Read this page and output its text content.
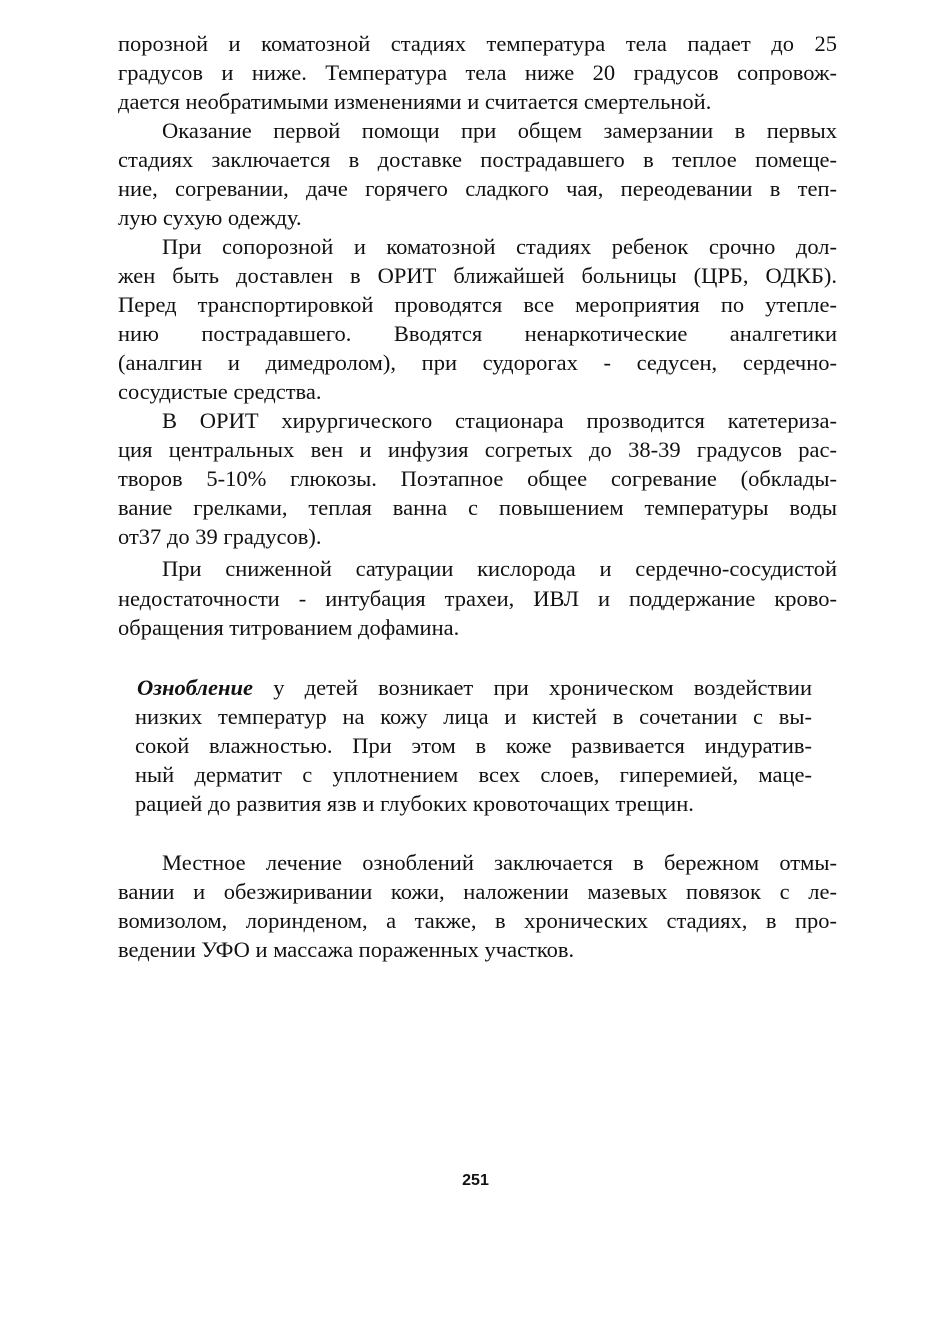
порозной и коматозной стадиях температура тела падает до 25
градусов и ниже. Температура тела ниже 20 градусов сопровож-
дается необратимыми изменениями и считается смертельной.
Оказание первой помощи при общем замерзании в первых
стадиях заключается в доставке пострадавшего в теплое помеще-
ние, согревании, даче горячего сладкого чая, переодевании в теп-
лую сухую одежду.
При сопорозной и коматозной стадиях ребенок срочно дол-
жен быть доставлен в ОРИТ ближайшей больницы (ЦРБ, ОДКБ).
Перед транспортировкой проводятся все мероприятия по утепле-
нию пострадавшего. Вводятся ненаркотические аналгетики
(аналгин и димедролом), при судорогах - седусен, сердечно-
сосудистые средства.
В ОРИТ хирургического стационара прозводится катетериза-
ция центральных вен и инфузия согретых до 38-39 градусов рас-
творов 5-10% глюкозы. Поэтапное общее согревание (обклады-
вание грелками, теплая ванна с повышением температуры воды
от37 до 39 градусов).
При сниженной сатурации кислорода и сердечно-сосудистой
недостаточности - интубация трахеи, ИВЛ и поддержание крово-
обращения титрованием дофамина.
Ознобление у детей возникает при хроническом воздействии
низких температур на кожу лица и кистей в сочетании с вы-
сокой влажностью. При этом в коже развивается индуратив-
ный дерматит с уплотнением всех слоев, гиперемией, маце-
рацией до развития язв и глубоких кровоточащих трещин.
Местное лечение озноблений заключается в бережном отмы-
вании и обезжиривании кожи, наложении мазевых повязок с ле-
вомизолом, лоринденом, а также, в хронических стадиях, в про-
ведении УФО и массажа пораженных участков.
251
